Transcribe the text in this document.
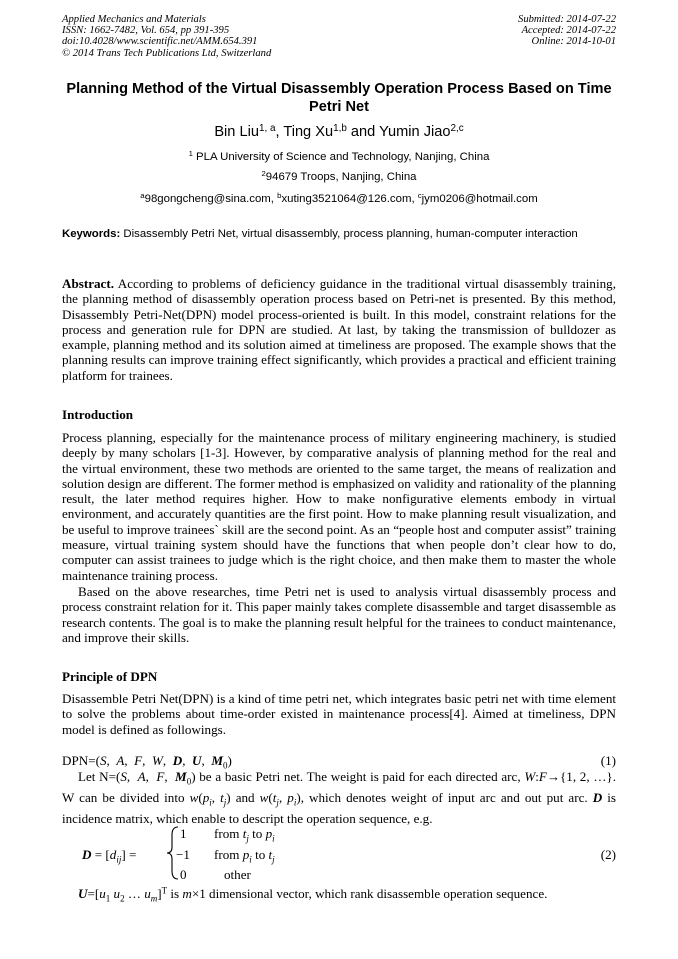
Applied Mechanics and Materials
ISSN: 1662-7482, Vol. 654, pp 391-395
doi:10.4028/www.scientific.net/AMM.654.391
© 2014 Trans Tech Publications Ltd, Switzerland
Submitted: 2014-07-22
Accepted: 2014-07-22
Online: 2014-10-01
Planning Method of the Virtual Disassembly Operation Process Based on Time Petri Net
Bin Liu$^{1, a}$, Ting Xu$^{1,b}$ and Yumin Jiao$^{2,c}$
$^1$ PLA University of Science and Technology, Nanjing, China
$^2$94679 Troops, Nanjing, China
$^a$98gongcheng@sina.com, $^b$xuting3521064@126.com, $^c$jym0206@hotmail.com
Keywords: Disassembly Petri Net, virtual disassembly, process planning, human-computer interaction

Abstract. According to problems of deficiency guidance in the traditional virtual disassembly training, the planning method of disassembly operation process based on Petri-net is presented. By this method, Disassembly Petri-Net(DPN) model process-oriented is built. In this model, constraint relations for the process and generation rule for DPN are studied. At last, by taking the transmission of bulldozer as example, planning method and its solution aimed at timeliness are proposed. The example shows that the planning results can improve training effect significantly, which provides a practical and efficient training platform for trainees.

Introduction

Process planning, especially for the maintenance process of military engineering machinery, is studied deeply by many scholars [1-3]. However, by comparative analysis of planning method for the real and the virtual environment, these two methods are oriented to the same target, the means of realization and solution design are different. The former method is emphasized on validity and rationality of the planning result, the later method requires higher. How to make nonfigurative elements embody in virtual environment, and accurately quantities are the first point. How to make planning result visualization, and be useful to improve trainees` skill are the second point. As an “people host and computer assist” training measure, virtual training system should have the functions that when people don’t clear how to do, computer can assist trainees to judge which is the right choice, and then make them to master the whole maintenance training process.

Based on the above researches, time Petri net is used to analysis virtual disassembly process and process constraint relation for it. This paper mainly takes complete disassemble and target disassemble as research contents. The goal is to make the planning result helpful for the trainees to conduct maintenance, and improve their skills.

Principle of DPN

Disassemble Petri Net(DPN) is a kind of time petri net, which integrates basic petri net with time element to solve the problems about time-order existed in maintenance process[4]. Aimed at timeliness, DPN model is defined as followings.

DPN=(S,  A,  F,  W,  D,  U,  $M_0$)	(1)

Let N=(S,  A,  F,  $M_0$) be a basic Petri net. The weight is paid for each directed arc, W:F→{1, 2, …}. W can be divided into $w(p_i$, $t_j$) and $w(t_j$, $p_i$), which denotes weight of input arc and out put arc. D is incidence matrix, which enable to descript the operation sequence, e.g.

$D = [d_{ij}]$ =
1 from $t_j$ to $p_i$
−1 from $p_i$ to $t_j$
0	other
(2)
$U=[u_1$ $u_2$ … $u_m]^T$ is m×1 dimensional vector, which rank disassemble operation sequence.
